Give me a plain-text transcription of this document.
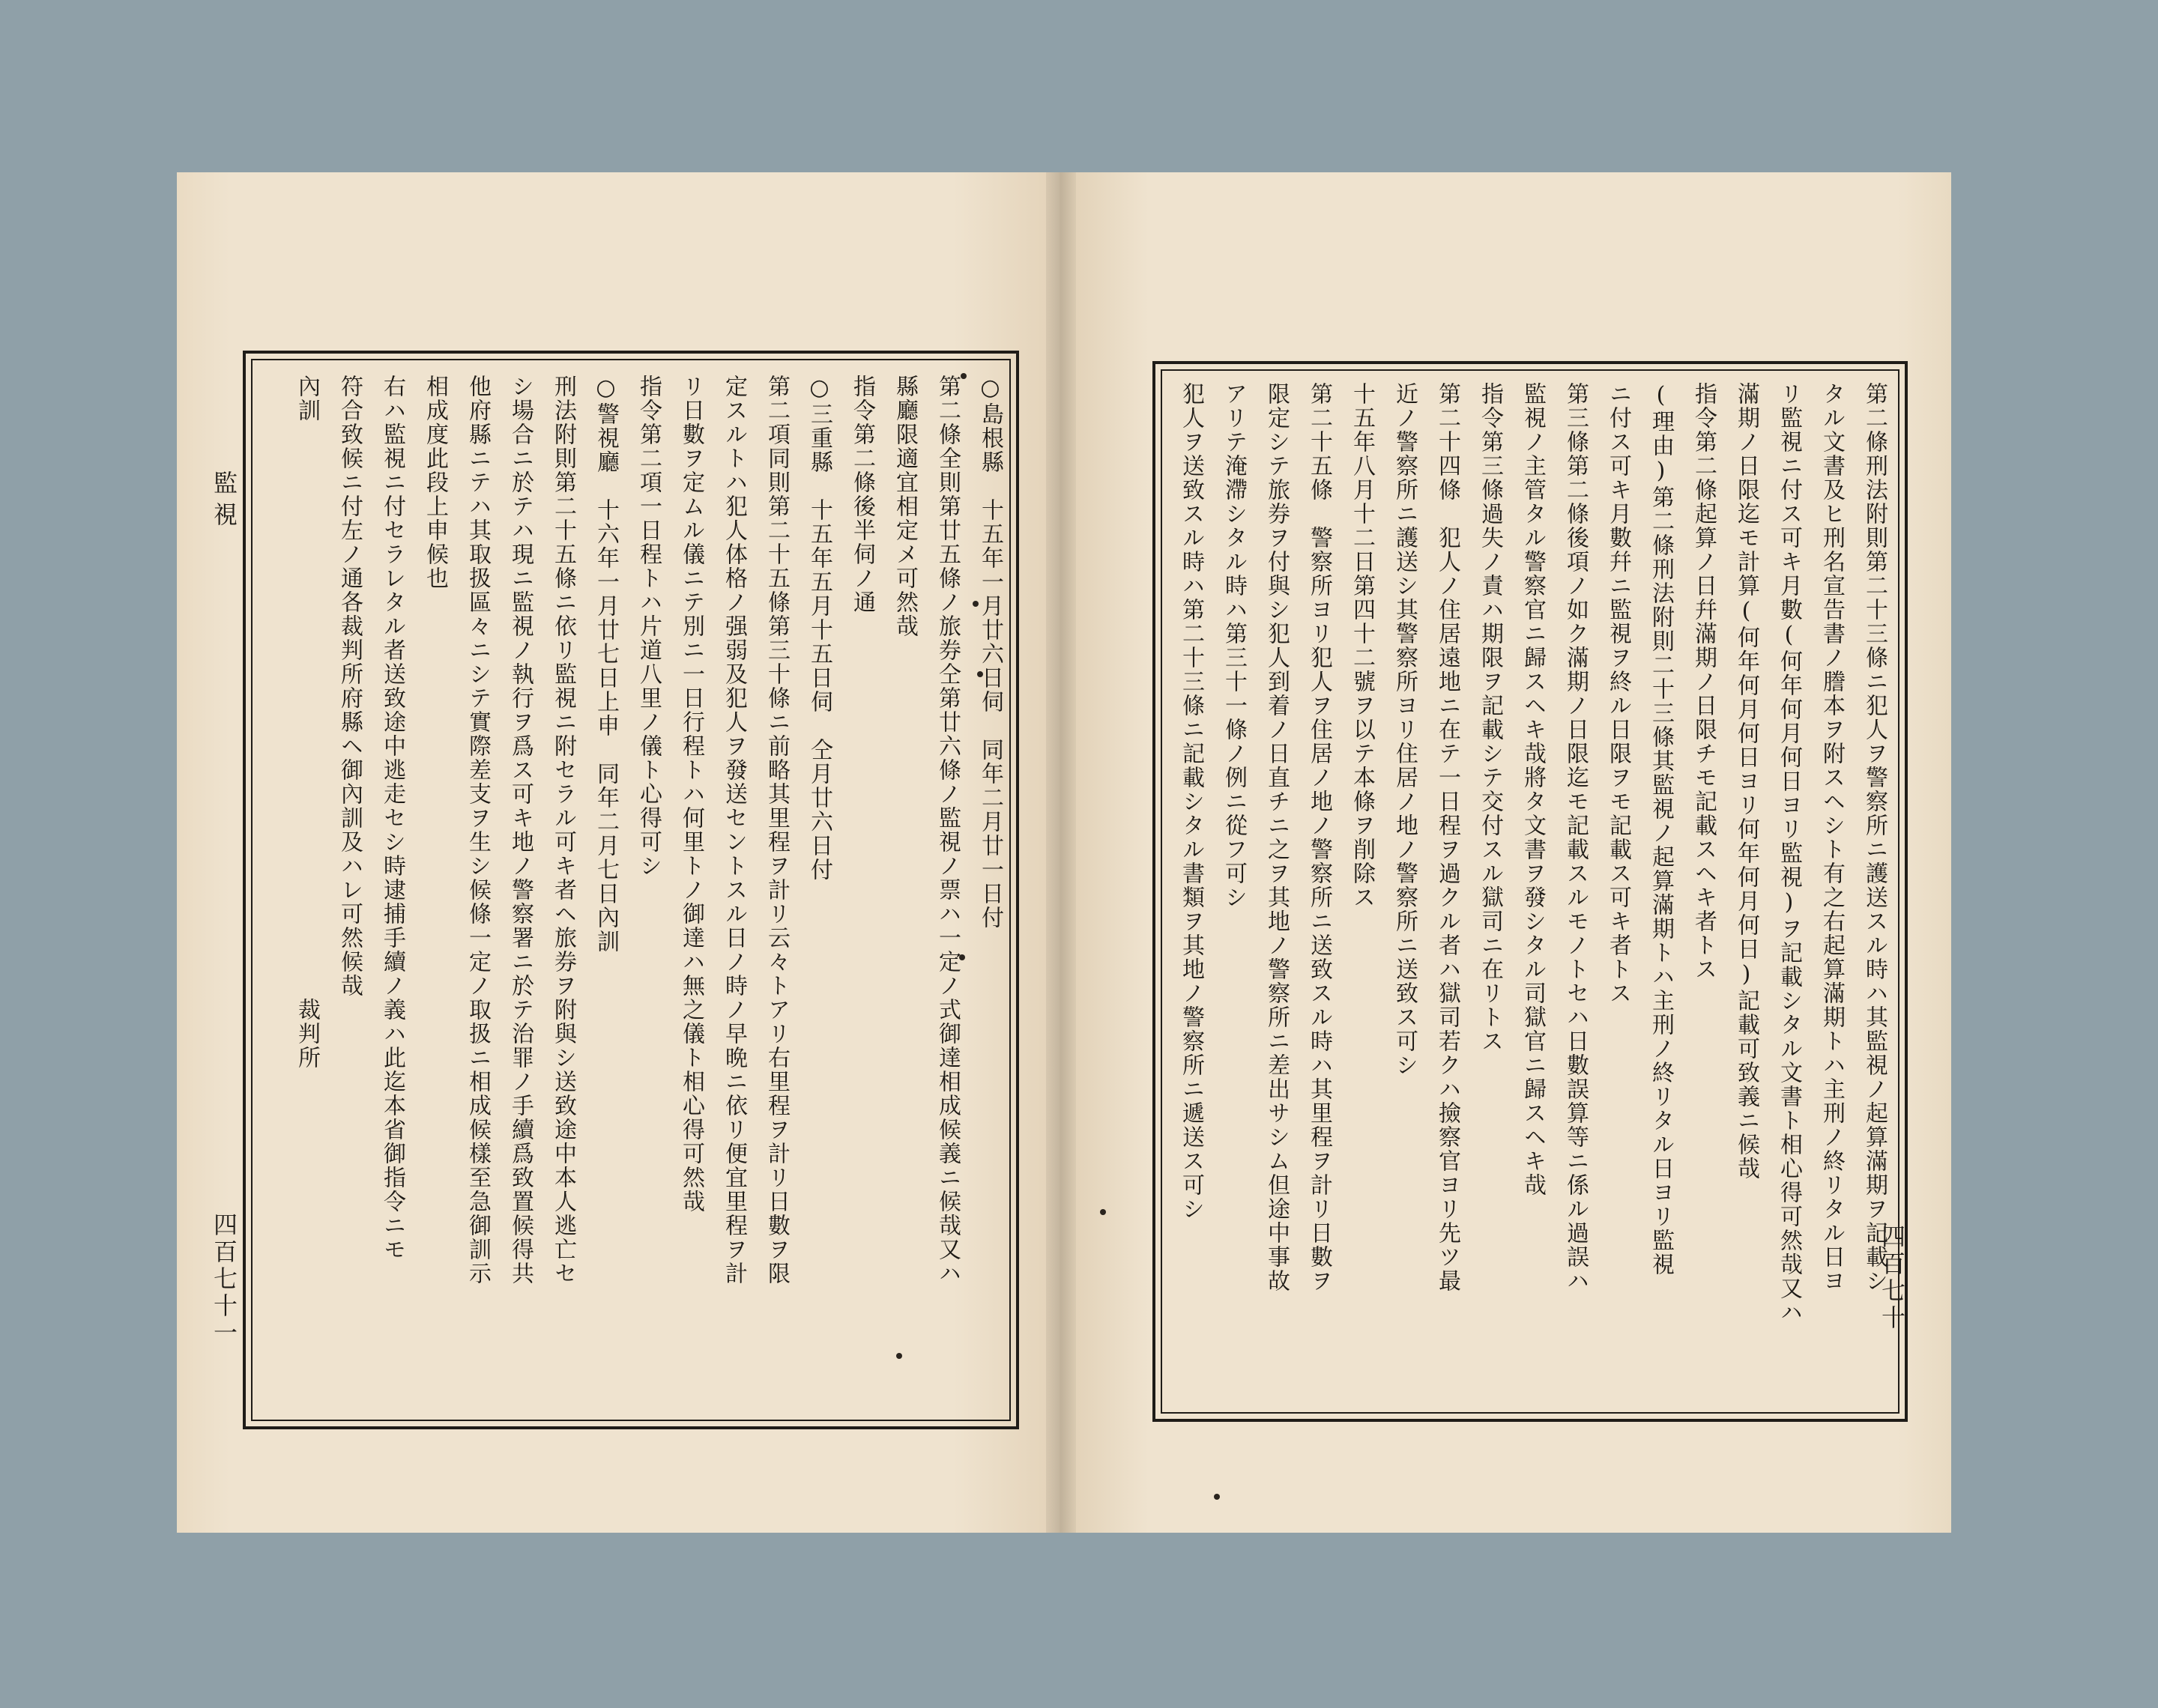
監視
四百七十一	四百七十
○島根縣　十五年一月廿六日伺　同年二月廿一日付
第二條全則第廿五條ノ旅券仝第廿六條ノ監視ノ票ハ一定ノ式御達相成候義ニ候哉又ハ
縣廳限適宜相定メ可然哉
指令第二條後半伺ノ通
○三重縣　十五年五月十五日伺　仝月廿六日付
第二項同則第二十五條第三十條ニ前略其里程ヲ計リ云々トアリ右里程ヲ計リ日數ヲ限
定スルトハ犯人体格ノ强弱及犯人ヲ發送セントスル日ノ時ノ早晩ニ依リ便宜里程ヲ計
リ日數ヲ定ムル儀ニテ別ニ一日行程トハ何里トノ御達ハ無之儀ト相心得可然哉
指令第二項一日程トハ片道八里ノ儀ト心得可シ
○警視廳　十六年一月廿七日上申　同年二月七日內訓
刑法附則第二十五條ニ依リ監視ニ附セラル可キ者ヘ旅券ヲ附與シ送致途中本人逃亡セ
シ場合ニ於テハ現ニ監視ノ執行ヲ爲ス可キ地ノ警察署ニ於テ治罪ノ手續爲致置候得共
他府縣ニテハ其取扱區々ニシテ實際差支ヲ生シ候條一定ノ取扱ニ相成候樣至急御訓示
相成度此段上申候也
右ハ監視ニ付セラレタル者送致途中逃走セシ時逮捕手續ノ義ハ此迄本省御指令ニモ
符合致候ニ付左ノ通各裁判所府縣ヘ御內訓及ハレ可然候哉
內訓　　　　　　　　　　　　　　　　　　　　　　　　裁判所	第二條刑法附則第二十三條ニ犯人ヲ警察所ニ護送スル時ハ其監視ノ起算滿期ヲ記載シ
タル文書及ヒ刑名宣告書ノ謄本ヲ附スヘシト有之右起算滿期トハ主刑ノ終リタル日ヨ
リ監視ニ付ス可キ月數(何年何月何日ヨリ監視)ヲ記載シタル文書ト相心得可然哉又ハ
滿期ノ日限迄モ計算(何年何月何日ヨリ何年何月何日)記載可致義ニ候哉
指令第二條起算ノ日幷滿期ノ日限チモ記載スヘキ者トス
(理由)第二條刑法附則二十三條其監視ノ起算滿期トハ主刑ノ終リタル日ヨリ監視
ニ付ス可キ月數幷ニ監視ヲ終ル日限ヲモ記載ス可キ者トス
第三條第二條後項ノ如ク滿期ノ日限迄モ記載スルモノトセハ日數誤算等ニ係ル過誤ハ
監視ノ主管タル警察官ニ歸スヘキ哉將タ文書ヲ發シタル司獄官ニ歸スヘキ哉
指令第三條過失ノ責ハ期限ヲ記載シテ交付スル獄司ニ在リトス
第二十四條　犯人ノ住居遠地ニ在テ一日程ヲ過クル者ハ獄司若クハ撿察官ヨリ先ツ最
近ノ警察所ニ護送シ其警察所ヨリ住居ノ地ノ警察所ニ送致ス可シ
十五年八月十二日第四十二號ヲ以テ本條ヲ削除ス
第二十五條　警察所ヨリ犯人ヲ住居ノ地ノ警察所ニ送致スル時ハ其里程ヲ計リ日數ヲ
限定シテ旅券ヲ付與シ犯人到着ノ日直チニ之ヲ其地ノ警察所ニ差出サシム但途中事故
アリテ淹滯シタル時ハ第三十一條ノ例ニ從フ可シ
犯人ヲ送致スル時ハ第二十三條ニ記載シタル書類ヲ其地ノ警察所ニ遞送ス可シ
